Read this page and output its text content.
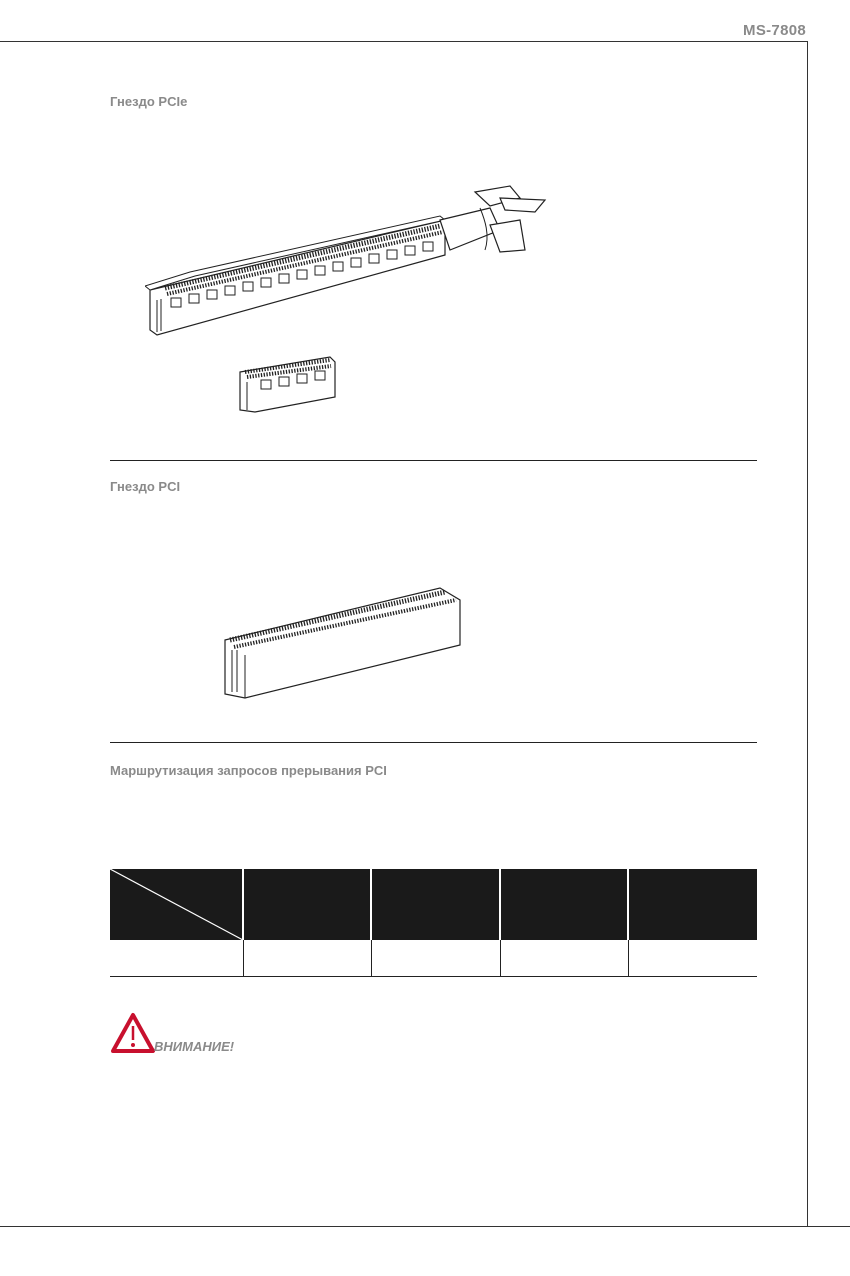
MS-7808
Гнездо PCIe
Гнездо PCI
Маршрутизация запросов прерывания PCI
ВНИМАНИЕ!
